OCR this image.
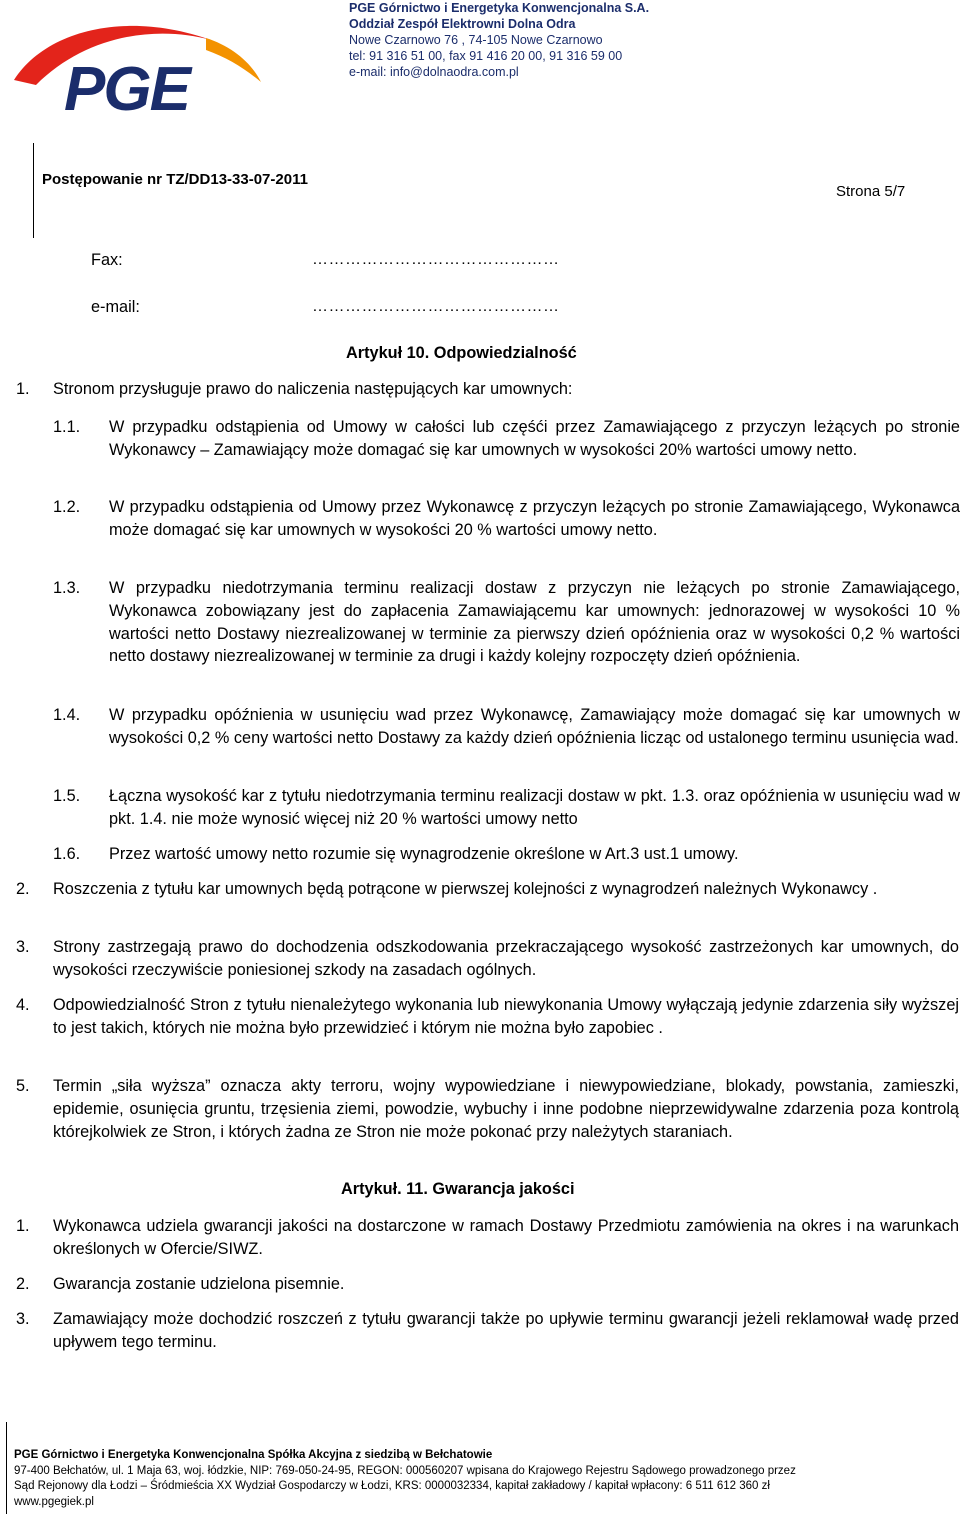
PGE
PGE Górnictwo i Energetyka Konwencjonalna S.A.
Oddział Zespół Elektrowni Dolna Odra
Nowe Czarnowo 76 , 74-105 Nowe Czarnowo
tel: 91 316 51 00, fax 91 416 20 00, 91 316 59 00
e-mail: info@dolnaodra.com.pl
Postępowanie nr TZ/DD13-33-07-2011
Strona 5/7
Fax:	………………………………………
e-mail:	………………………………………
Artykuł 10. Odpowiedzialność
1. Stronom przysługuje prawo do naliczenia następujących kar umownych:
1.1. W przypadku odstąpienia od Umowy w całości lub częśći przez Zamawiającego z przyczyn leżących po stronie Wykonawcy – Zamawiający może domagać się kar umownych w wysokości 20% wartości umowy netto.
1.2. W przypadku odstąpienia od Umowy przez Wykonawcę z przyczyn leżących po stronie Zamawiającego, Wykonawca może domagać się kar umownych w wysokości 20 % wartości umowy netto.
1.3. W przypadku niedotrzymania terminu realizacji dostaw z przyczyn nie leżących po stronie Zamawiającego, Wykonawca zobowiązany jest do zapłacenia Zamawiającemu kar umownych: jednorazowej w wysokości 10 % wartości netto Dostawy niezrealizowanej w terminie za pierwszy dzień opóźnienia oraz w wysokości 0,2 % wartości netto dostawy niezrealizowanej w terminie za drugi i każdy kolejny rozpoczęty dzień opóźnienia.
1.4. W przypadku opóźnienia w usunięciu wad przez Wykonawcę, Zamawiający może domagać się kar umownych w wysokości 0,2 % ceny wartości netto Dostawy za każdy dzień opóźnienia licząc od ustalonego terminu usunięcia wad.
1.5. Łączna wysokość kar z tytułu niedotrzymania terminu realizacji dostaw w pkt. 1.3. oraz opóźnienia w usunięciu wad w pkt. 1.4. nie może wynosić więcej niż 20 % wartości umowy netto
1.6. Przez wartość umowy netto rozumie się wynagrodzenie określone w Art.3 ust.1 umowy.
2. Roszczenia z tytułu kar umownych będą potrącone w pierwszej kolejności z wynagrodzeń należnych Wykonawcy .
3. Strony zastrzegają prawo do dochodzenia odszkodowania przekraczającego wysokość zastrzeżonych kar umownych, do wysokości rzeczywiście poniesionej szkody na zasadach ogólnych.
4. Odpowiedzialność Stron z tytułu nienależytego wykonania lub niewykonania Umowy wyłączają jedynie zdarzenia siły wyższej to jest takich, których nie można było przewidzieć i którym nie można było zapobiec .
5. Termin „siła wyższa” oznacza akty terroru, wojny wypowiedziane i niewypowiedziane, blokady, powstania, zamieszki, epidemie, osunięcia gruntu, trzęsienia ziemi, powodzie, wybuchy i inne podobne nieprzewidywalne zdarzenia poza kontrolą którejkolwiek ze Stron, i których żadna ze Stron nie może pokonać przy należytych staraniach.
Artykuł. 11. Gwarancja jakości
1. Wykonawca udziela gwarancji jakości na dostarczone w ramach Dostawy Przedmiotu zamówienia na okres i na warunkach określonych w Ofercie/SIWZ.
2. Gwarancja zostanie udzielona pisemnie.
3. Zamawiający może dochodzić roszczeń z tytułu gwarancji także po upływie terminu gwarancji jeżeli reklamował wadę przed upływem tego terminu.
PGE Górnictwo i Energetyka Konwencjonalna Spółka Akcyjna z siedzibą w Bełchatowie
97-400 Bełchatów, ul. 1 Maja 63, woj. łódzkie, NIP: 769-050-24-95, REGON: 000560207 wpisana do Krajowego Rejestru Sądowego prowadzonego przez
Sąd Rejonowy dla Łodzi – Śródmieścia XX Wydział Gospodarczy w Łodzi, KRS: 0000032334, kapitał zakładowy / kapitał wpłacony: 6 511 612 360 zł
www.pgegiek.pl
